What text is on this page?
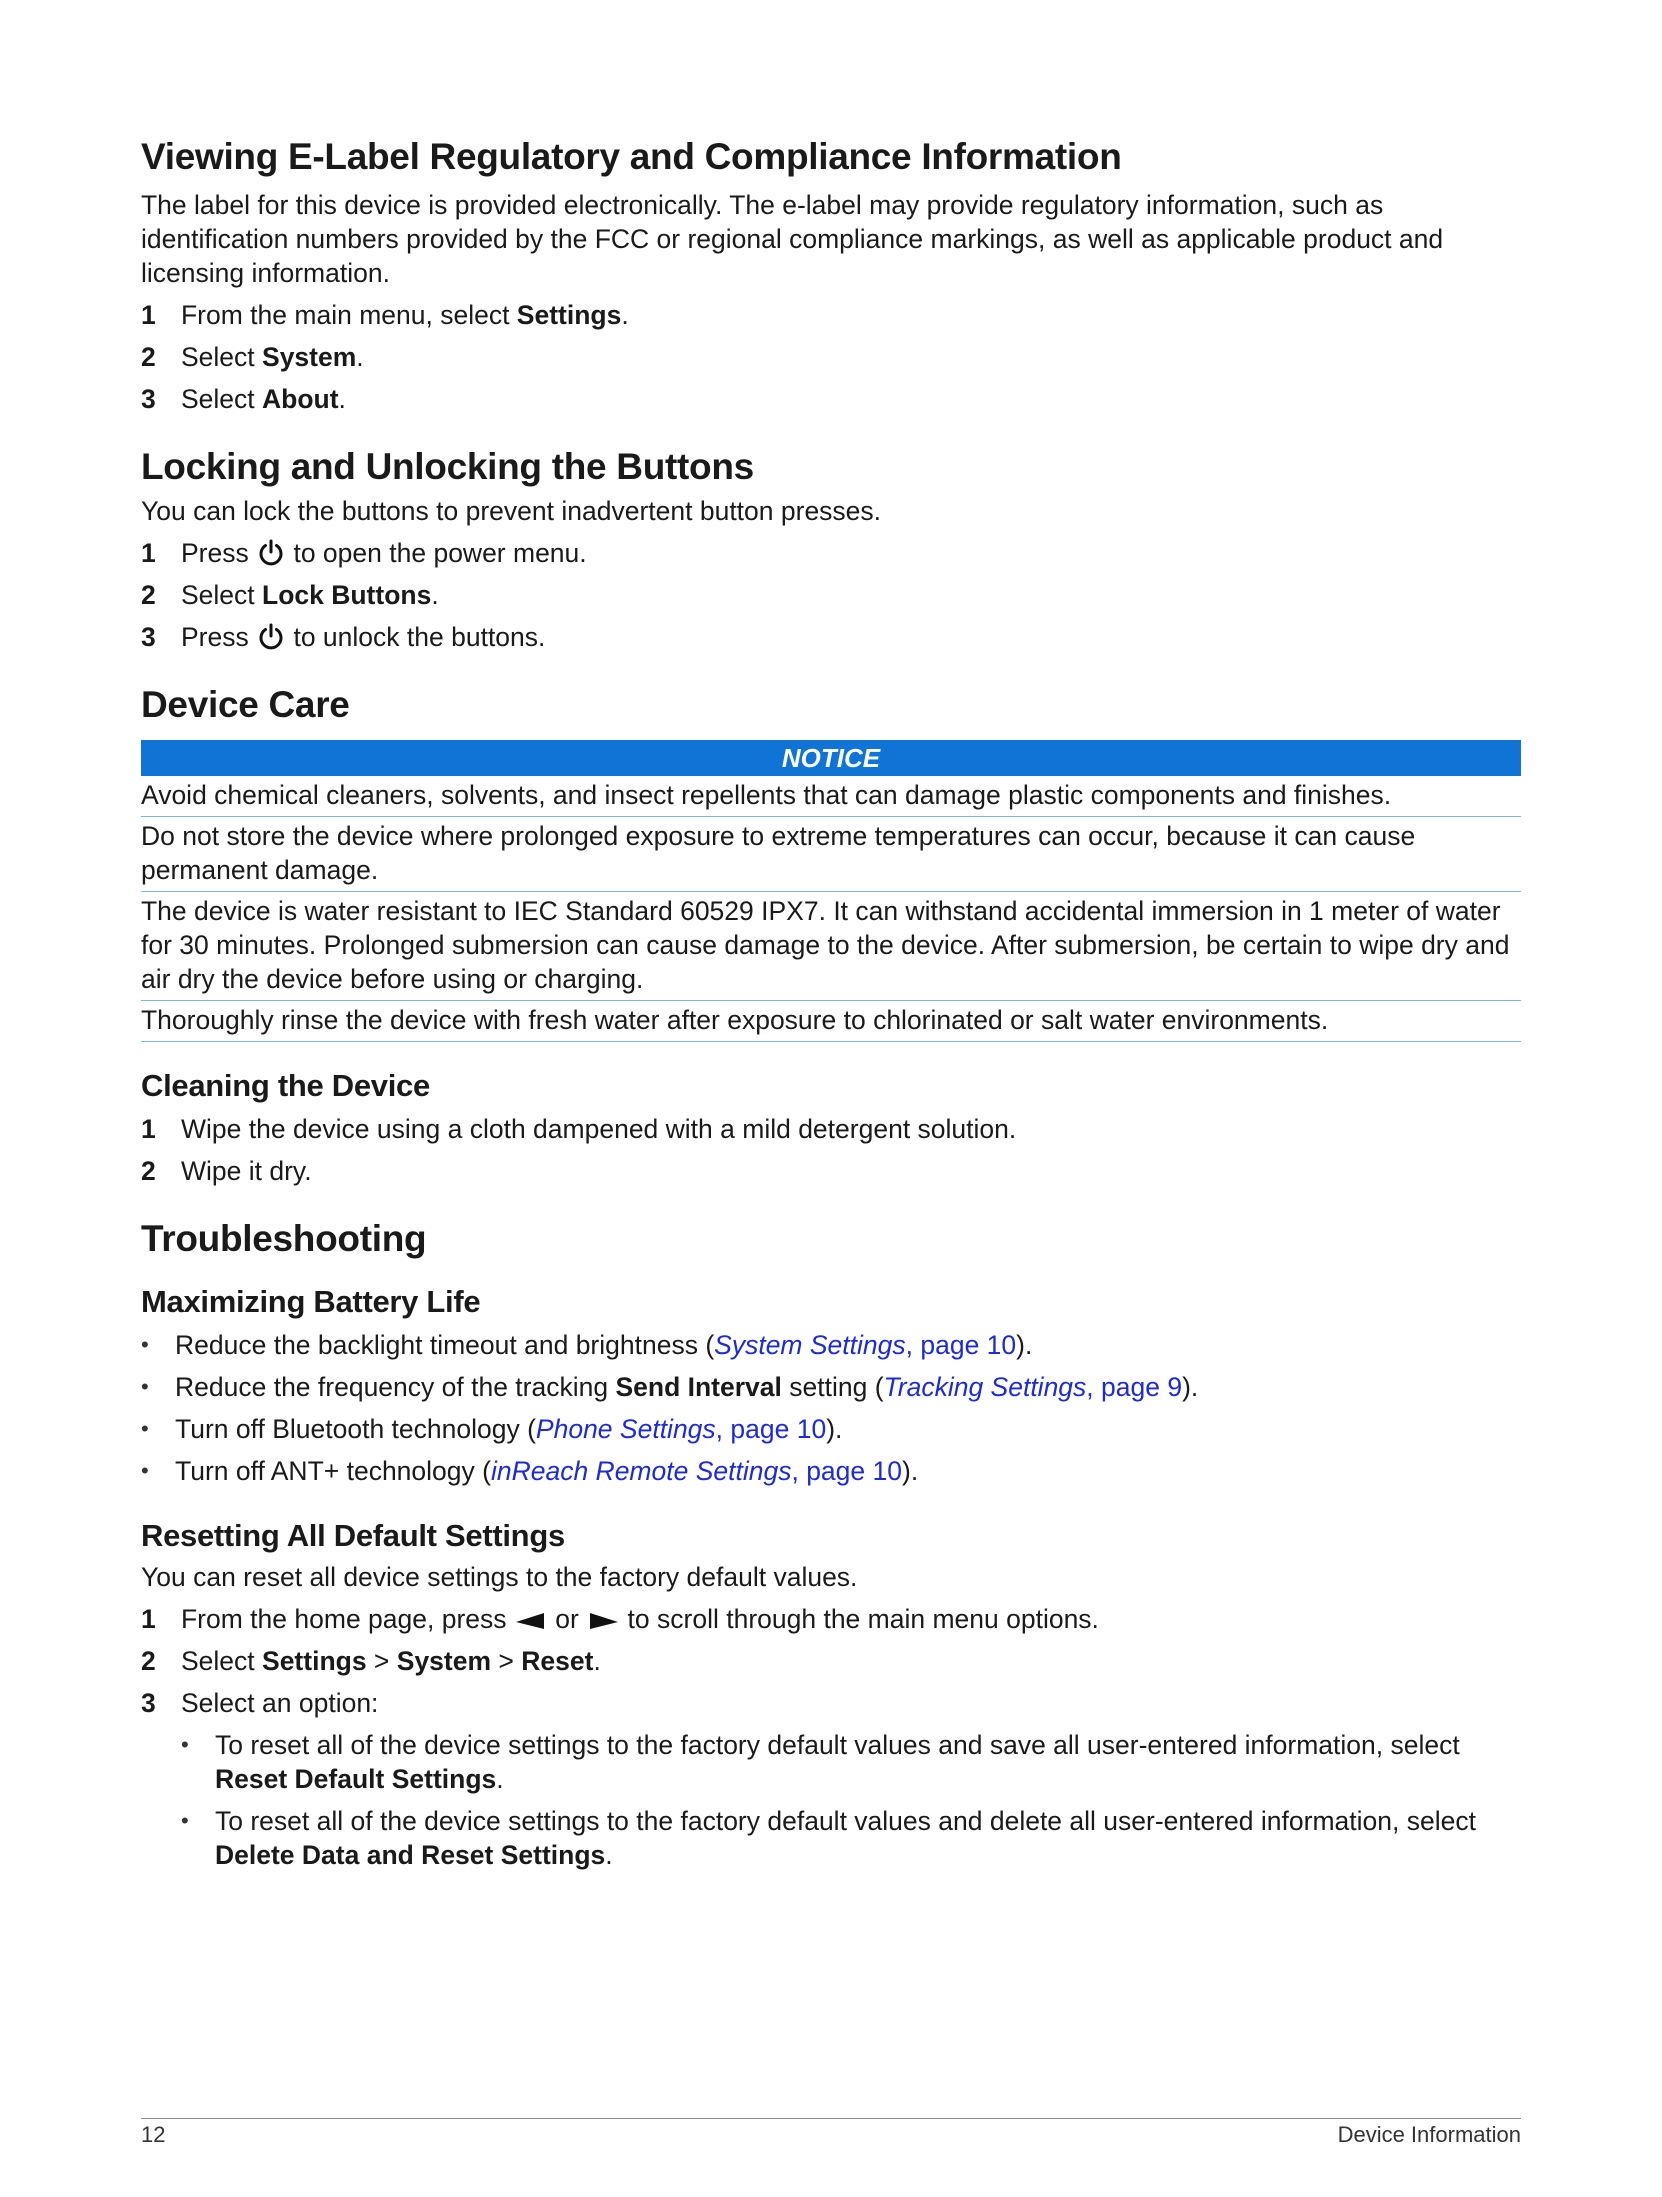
Viewing E-Label Regulatory and Compliance Information

The label for this device is provided electronically. The e-label may provide regulatory information, such as identification numbers provided by the FCC or regional compliance markings, as well as applicable product and licensing information.

1 From the main menu, select Settings.
2 Select System.
3 Select About.
Locking and Unlocking the Buttons

You can lock the buttons to prevent inadvertent button presses.

1 Press  to open the power menu.
2 Select Lock Buttons.
3 Press  to unlock the buttons.
Device Care
NOTICE
Avoid chemical cleaners, solvents, and insect repellents that can damage plastic components and finishes.
Do not store the device where prolonged exposure to extreme temperatures can occur, because it can cause permanent damage.
The device is water resistant to IEC Standard 60529 IPX7. It can withstand accidental immersion in 1 meter of water for 30 minutes. Prolonged submersion can cause damage to the device. After submersion, be certain to wipe dry and air dry the device before using or charging.
Thoroughly rinse the device with fresh water after exposure to chlorinated or salt water environments.
Cleaning the Device
1 Wipe the device using a cloth dampened with a mild detergent solution.
2 Wipe it dry.
Troubleshooting
Maximizing Battery Life
• Reduce the backlight timeout and brightness (System Settings, page 10).
• Reduce the frequency of the tracking Send Interval setting (Tracking Settings, page 9).
• Turn off Bluetooth technology (Phone Settings, page 10).
• Turn off ANT+ technology (inReach Remote Settings, page 10).
Resetting All Default Settings

You can reset all device settings to the factory default values.

1 From the home page, press  or  to scroll through the main menu options.
2 Select Settings > System > Reset.
3 Select an option:
• To reset all of the device settings to the factory default values and save all user-entered information, select Reset Default Settings.
• To reset all of the device settings to the factory default values and delete all user-entered information, select Delete Data and Reset Settings.
12	Device Information
